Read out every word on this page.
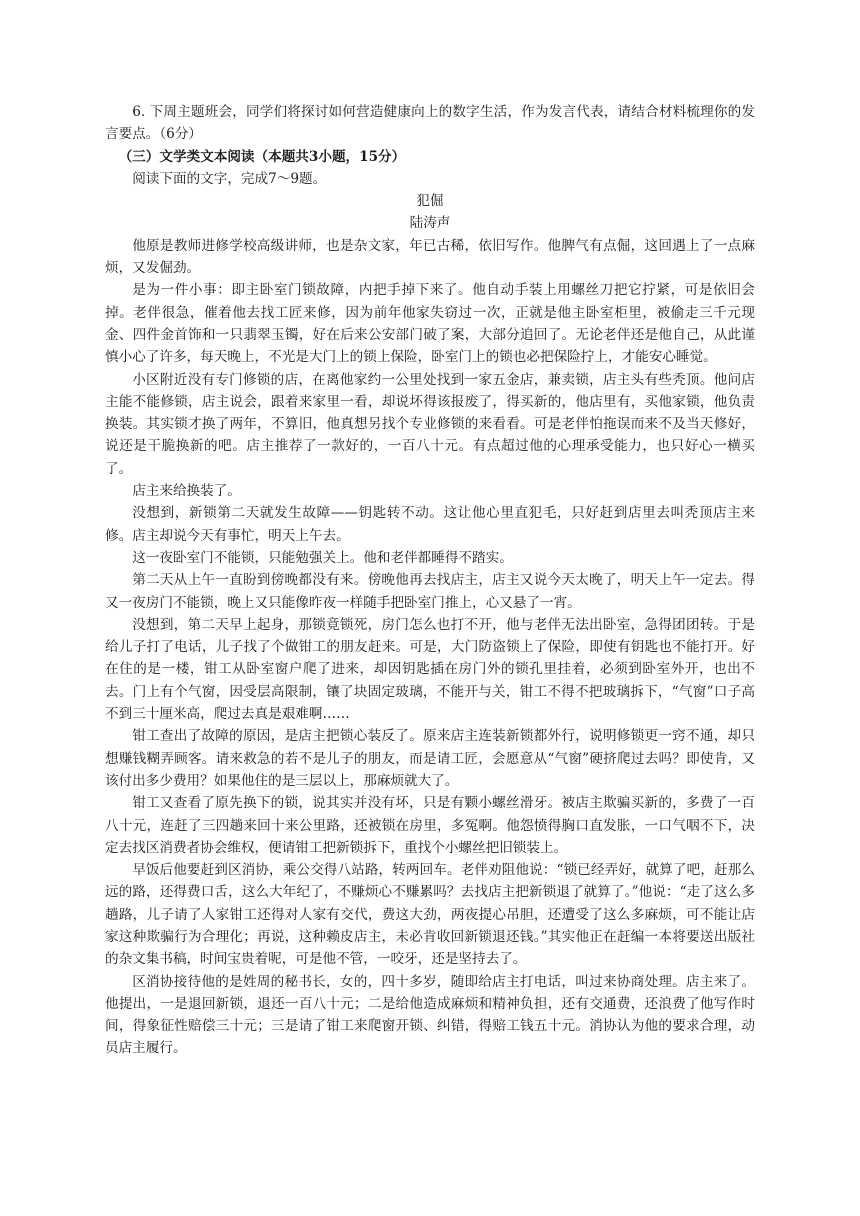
6. 下周主题班会，同学们将探讨如何营造健康向上的数字生活，作为发言代表，请结合材料梳理你的发言要点。（6分）

（三）文学类文本阅读（本题共3小题，15分）

阅读下面的文字，完成7～9题。

犯倔

陆涛声

他原是教师进修学校高级讲师，也是杂文家，年已古稀，依旧写作。他脾气有点倔，这回遇上了一点麻烦，又发倔劲。

是为一件小事：即主卧室门锁故障，内把手掉下来了。他自动手装上用螺丝刀把它拧紧，可是依旧会掉。老伴很急，催着他去找工匠来修，因为前年他家失窃过一次，正就是他主卧室柜里，被偷走三千元现金、四件金首饰和一只翡翠玉镯，好在后来公安部门破了案，大部分追回了。无论老伴还是他自己，从此谨慎小心了许多，每天晚上，不光是大门上的锁上保险，卧室门上的锁也必把保险拧上，才能安心睡觉。

小区附近没有专门修锁的店，在离他家约一公里处找到一家五金店，兼卖锁，店主头有些秃顶。他问店主能不能修锁，店主说会，跟着来家里一看，却说坏得该报废了，得买新的，他店里有，买他家锁，他负责换装。其实锁才换了两年，不算旧，他真想另找个专业修锁的来看看。可是老伴怕拖误而来不及当天修好，说还是干脆换新的吧。店主推荐了一款好的，一百八十元。有点超过他的心理承受能力，也只好心一横买了。

店主来给换装了。

没想到，新锁第二天就发生故障——钥匙转不动。这让他心里直犯毛，只好赶到店里去叫秃顶店主来修。店主却说今天有事忙，明天上午去。

这一夜卧室门不能锁，只能勉强关上。他和老伴都睡得不踏实。

第二天从上午一直盼到傍晚都没有来。傍晚他再去找店主，店主又说今天太晚了，明天上午一定去。得又一夜房门不能锁，晚上又只能像昨夜一样随手把卧室门推上，心又悬了一宵。

没想到，第二天早上起身，那锁竟锁死，房门怎么也打不开，他与老伴无法出卧室，急得团团转。于是给儿子打了电话，儿子找了个做钳工的朋友赶来。可是，大门防盗锁上了保险，即使有钥匙也不能打开。好在住的是一楼，钳工从卧室窗户爬了进来，却因钥匙插在房门外的锁孔里挂着，必须到卧室外开，也出不去。门上有个气窗，因受层高限制，镶了块固定玻璃，不能开与关，钳工不得不把玻璃拆下，“气窗”口子高不到三十厘米高，爬过去真是艰难啊……

钳工查出了故障的原因，是店主把锁心装反了。原来店主连装新锁都外行，说明修锁更一窍不通，却只想赚钱糊弄顾客。请来救急的若不是儿子的朋友，而是请工匠，会愿意从“气窗”硬挤爬过去吗？即使肯，又该付出多少费用？如果他住的是三层以上，那麻烦就大了。

钳工又查看了原先换下的锁，说其实并没有坏，只是有颗小螺丝滑牙。被店主欺骗买新的，多费了一百八十元，连赶了三四趟来回十来公里路，还被锁在房里，多冤啊。他怨愤得胸口直发胀，一口气咽不下，决定去找区消费者协会维权，便请钳工把新锁拆下，重找个小螺丝把旧锁装上。

早饭后他要赶到区消协，乘公交得八站路，转两回车。老伴劝阻他说：“锁已经弄好，就算了吧，赶那么远的路，还得费口舌，这么大年纪了，不赚烦心不赚累吗？去找店主把新锁退了就算了。”他说：“走了这么多趟路，儿子请了人家钳工还得对人家有交代，费这大劲，两夜提心吊胆，还遭受了这么多麻烦，可不能让店家这种欺骗行为合理化；再说，这种赖皮店主，未必肯收回新锁退还钱。”其实他正在赶编一本将要送出版社的杂文集书稿，时间宝贵着呢，可是他不管，一咬牙，还是坚持去了。

区消协接待他的是姓周的秘书长，女的，四十多岁，随即给店主打电话，叫过来协商处理。店主来了。他提出，一是退回新锁，退还一百八十元；二是给他造成麻烦和精神负担，还有交通费，还浪费了他写作时间，得象征性赔偿三十元；三是请了钳工来爬窗开锁、纠错，得赔工钱五十元。消协认为他的要求合理，动员店主履行。
